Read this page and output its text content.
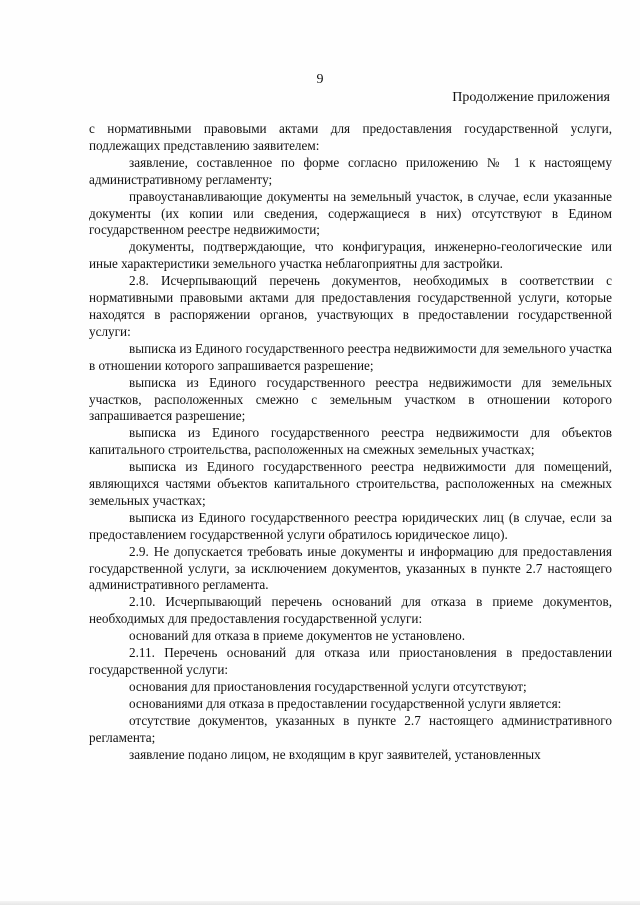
9
Продолжение приложения

с нормативными правовыми актами для предоставления государственной услуги, подлежащих представлению заявителем:

заявление, составленное по форме согласно приложению № 1 к настоящему административному регламенту;

правоустанавливающие документы на земельный участок, в случае, если указанные документы (их копии или сведения, содержащиеся в них) отсутствуют в Едином государственном реестре недвижимости;

документы, подтверждающие, что конфигурация, инженерно-геологические или иные характеристики земельного участка неблагоприятны для застройки.

2.8. Исчерпывающий перечень документов, необходимых в соответствии с нормативными правовыми актами для предоставления государственной услуги, которые находятся в распоряжении органов, участвующих в предоставлении государственной услуги:

выписка из Единого государственного реестра недвижимости для земельного участка в отношении которого запрашивается разрешение;

выписка из Единого государственного реестра недвижимости для земельных участков, расположенных смежно с земельным участком в отношении которого запрашивается разрешение;

выписка из Единого государственного реестра недвижимости для объектов капитального строительства, расположенных на смежных земельных участках;

выписка из Единого государственного реестра недвижимости для помещений, являющихся частями объектов капитального строительства, расположенных на смежных земельных участках;

выписка из Единого государственного реестра юридических лиц (в случае, если за предоставлением государственной услуги обратилось юридическое лицо).

2.9. Не допускается требовать иные документы и информацию для предоставления государственной услуги, за исключением документов, указанных в пункте 2.7 настоящего административного регламента.

2.10. Исчерпывающий перечень оснований для отказа в приеме документов, необходимых для предоставления государственной услуги:

оснований для отказа в приеме документов не установлено.

2.11. Перечень оснований для отказа или приостановления в предоставлении государственной услуги:

основания для приостановления государственной услуги отсутствуют;

основаниями для отказа в предоставлении государственной услуги является:

отсутствие документов, указанных в пункте 2.7 настоящего административного регламента;

заявление подано лицом, не входящим в круг заявителей, установленных
